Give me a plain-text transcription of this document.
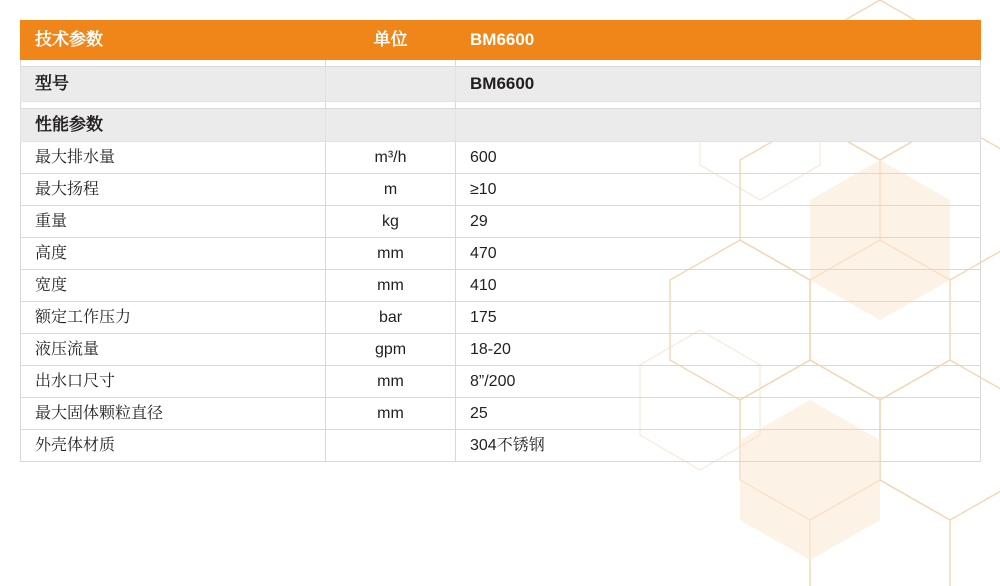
技术参数	单位	BM6600

型号		BM6600

性能参数		

最大排水量	m³/h	600

最大扬程	m	≥10

重量	kg	29

高度	mm	470

宽度	mm	410

额定工作压力	bar	175

液压流量	gpm	18-20

出水口尺寸	mm	8”/200

最大固体颗粒直径	mm	25

外壳体材质		304不锈钢
